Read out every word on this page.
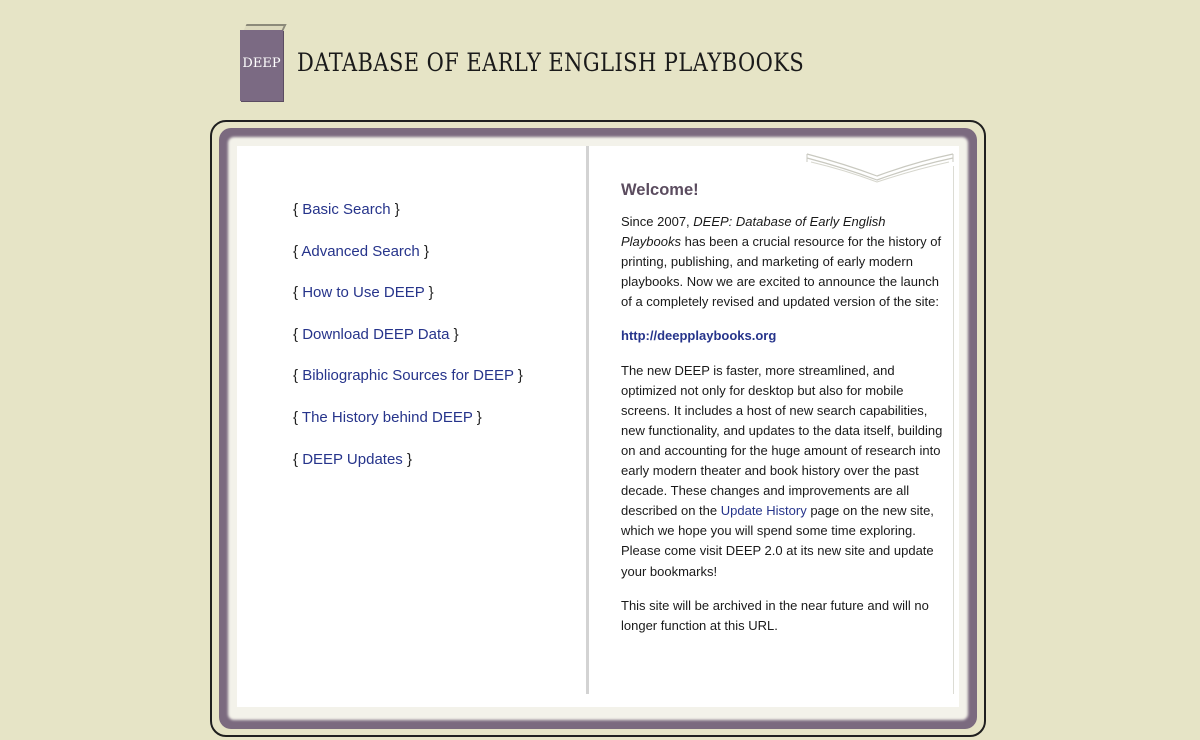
DEEP DATABASE OF EARLY ENGLISH PLAYBOOKS
{ Basic Search }
{ Advanced Search }
{ How to Use DEEP }
{ Download DEEP Data }
{ Bibliographic Sources for DEEP }
{ The History behind DEEP }
{ DEEP Updates }
Welcome!

Since 2007, DEEP: Database of Early English Playbooks has been a crucial resource for the history of printing, publishing, and marketing of early modern playbooks. Now we are excited to announce the launch of a completely revised and updated version of the site:

http://deepplaybooks.org

The new DEEP is faster, more streamlined, and optimized not only for desktop but also for mobile screens. It includes a host of new search capabilities, new functionality, and updates to the data itself, building on and accounting for the huge amount of research into early modern theater and book history over the past decade. These changes and improvements are all described on the Update History page on the new site, which we hope you will spend some time exploring. Please come visit DEEP 2.0 at its new site and update your bookmarks!

This site will be archived in the near future and will no longer function at this URL.
